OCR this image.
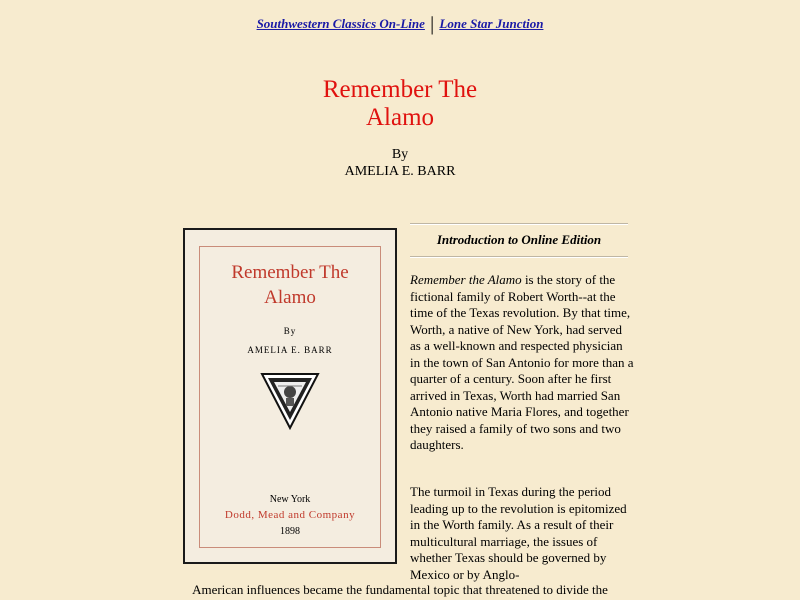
Southwestern Classics On-Line | Lone Star Junction
Remember The
Alamo
By
AMELIA E. BARR
Remember The
Alamo
By
AMELIA E. BARR
New York
Dodd, Mead and Company
1898
Introduction to Online Edition

Remember the Alamo is the story of the fictional family of Robert Worth--at the time of the Texas revolution. By that time, Worth, a native of New York, had served as a well-known and respected physician in the town of San Antonio for more than a quarter of a century. Soon after he first arrived in Texas, Worth had married San Antonio native Maria Flores, and together they raised a family of two sons and two daughters.

The turmoil in Texas during the period leading up to the revolution is epitomized in the Worth family. As a result of their multicultural marriage, the issues of whether Texas should be governed by Mexico or by Anglo-

American influences became the fundamental topic that threatened to divide the
